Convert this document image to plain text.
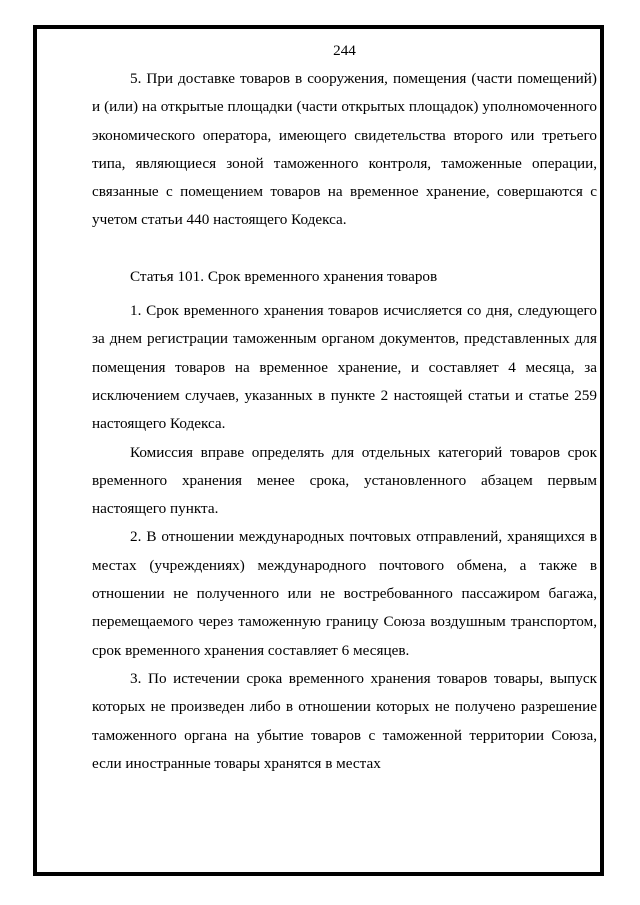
244

5. При доставке товаров в сооружения, помещения (части помещений) и (или) на открытые площадки (части открытых площадок) уполномоченного экономического оператора, имеющего свидетельства второго или третьего типа, являющиеся зоной таможенного контроля, таможенные операции, связанные с помещением товаров на временное хранение, совершаются с учетом статьи 440 настоящего Кодекса.

Статья 101. Срок временного хранения товаров

1. Срок временного хранения товаров исчисляется со дня, следующего за днем регистрации таможенным органом документов, представленных для помещения товаров на временное хранение, и составляет 4 месяца, за исключением случаев, указанных в пункте 2 настоящей статьи и статье 259 настоящего Кодекса.

Комиссия вправе определять для отдельных категорий товаров срок временного хранения менее срока, установленного абзацем первым настоящего пункта.

2. В отношении международных почтовых отправлений, хранящихся в местах (учреждениях) международного почтового обмена, а также в отношении не полученного или не востребованного пассажиром багажа, перемещаемого через таможенную границу Союза воздушным транспортом, срок временного хранения составляет 6 месяцев.

3. По истечении срока временного хранения товаров товары, выпуск которых не произведен либо в отношении которых не получено разрешение таможенного органа на убытие товаров с таможенной территории Союза, если иностранные товары хранятся в местах
